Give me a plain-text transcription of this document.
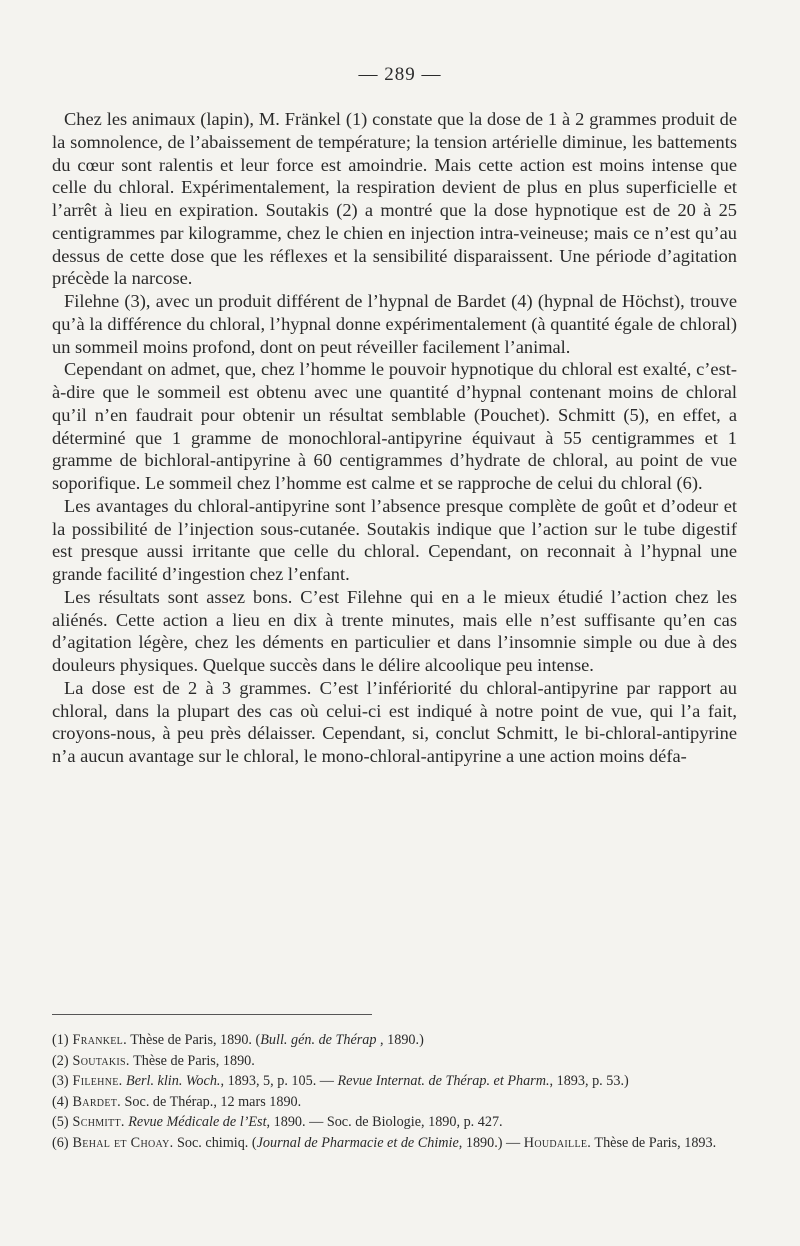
— 289 —

Chez les animaux (lapin), M. Fränkel (1) constate que la dose de 1 à 2 grammes produit de la somnolence, de l’abaissement de température; la tension artérielle diminue, les battements du cœur sont ralentis et leur force est amoindrie. Mais cette action est moins intense que celle du chloral. Expérimentalement, la respiration devient de plus en plus superficielle et l’arrêt à lieu en expiration. Soutakis (2) a montré que la dose hypnotique est de 20 à 25 centigrammes par kilogramme, chez le chien en injection intra-veineuse; mais ce n’est qu’au dessus de cette dose que les réflexes et la sensibilité disparaissent. Une période d’agitation précède la narcose.

Filehne (3), avec un produit différent de l’hypnal de Bardet (4) (hypnal de Höchst), trouve qu’à la différence du chloral, l’hypnal donne expérimentalement (à quantité égale de chloral) un sommeil moins profond, dont on peut réveiller facilement l’animal.

Cependant on admet, que, chez l’homme le pouvoir hypnotique du chloral est exalté, c’est-à-dire que le sommeil est obtenu avec une quantité d’hypnal contenant moins de chloral qu’il n’en faudrait pour obtenir un résultat semblable (Pouchet). Schmitt (5), en effet, a déterminé que 1 gramme de monochloral-antipyrine équivaut à 55 centigrammes et 1 gramme de bichloral-antipyrine à 60 centigrammes d’hydrate de chloral, au point de vue soporifique. Le sommeil chez l’homme est calme et se rapproche de celui du chloral (6).

Les avantages du chloral-antipyrine sont l’absence presque complète de goût et d’odeur et la possibilité de l’injection sous-cutanée. Soutakis indique que l’action sur le tube digestif est presque aussi irritante que celle du chloral. Cependant, on reconnait à l’hypnal une grande facilité d’ingestion chez l’enfant.

Les résultats sont assez bons. C’est Filehne qui en a le mieux étudié l’action chez les aliénés. Cette action a lieu en dix à trente minutes, mais elle n’est suffisante qu’en cas d’agitation légère, chez les déments en particulier et dans l’insomnie simple ou due à des douleurs physiques. Quelque succès dans le délire alcoolique peu intense.

La dose est de 2 à 3 grammes. C’est l’infériorité du chloral-antipyrine par rapport au chloral, dans la plupart des cas où celui-ci est indiqué à notre point de vue, qui l’a fait, croyons-nous, à peu près délaisser. Cependant, si, conclut Schmitt, le bi-chloral-antipyrine n’a aucun avantage sur le chloral, le mono-chloral-antipyrine a une action moins défa-

(1) Frankel. Thèse de Paris, 1890. (Bull. gén. de Thérap , 1890.)

(2) Soutakis. Thèse de Paris, 1890.

(3) Filehne. Berl. klin. Woch., 1893, 5, p. 105. — Revue Internat. de Thérap. et Pharm., 1893, p. 53.)

(4) Bardet. Soc. de Thérap., 12 mars 1890.

(5) Schmitt. Revue Médicale de l’Est, 1890. — Soc. de Biologie, 1890, p. 427.

(6) Behal et Choay. Soc. chimiq. (Journal de Pharmacie et de Chimie, 1890.) — Houdaille. Thèse de Paris, 1893.
